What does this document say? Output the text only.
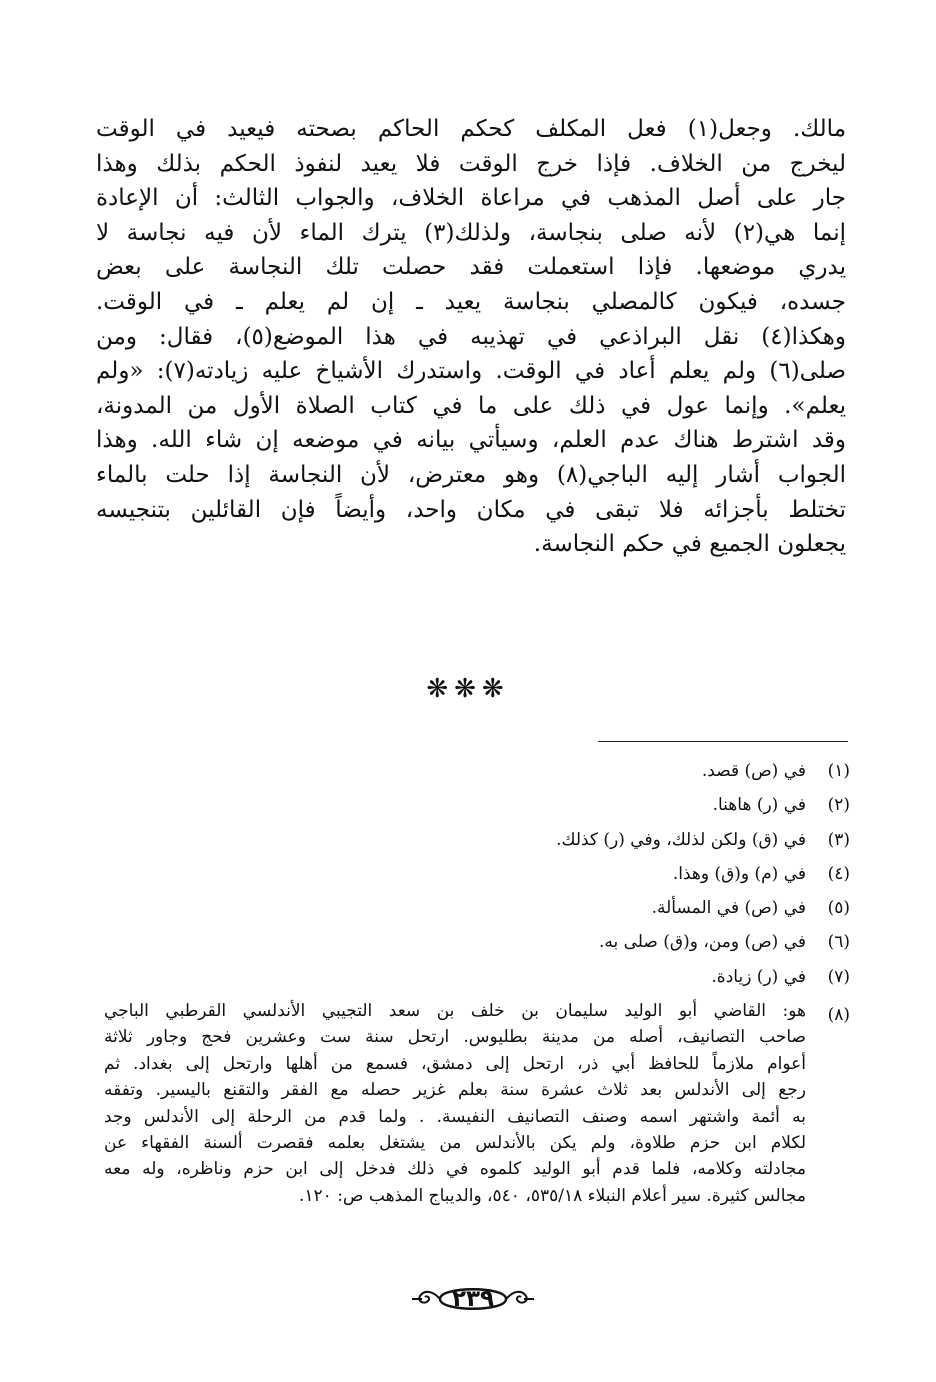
مالك. وجعل(١) فعل المكلف كحكم الحاكم بصحته فيعيد في الوقت
ليخرج من الخلاف. فإذا خرج الوقت فلا يعيد لنفوذ الحكم بذلك وهذا
جار على أصل المذهب في مراعاة الخلاف، والجواب الثالث: أن الإعادة
إنما هي(٢) لأنه صلى بنجاسة، ولذلك(٣) يترك الماء لأن فيه نجاسة لا
يدري موضعها. فإذا استعملت فقد حصلت تلك النجاسة على بعض
جسده، فيكون كالمصلي بنجاسة يعيد ـ إن لم يعلم ـ في الوقت.
وهكذا(٤) نقل البراذعي في تهذيبه في هذا الموضع(٥)، فقال: ومن
صلى(٦) ولم يعلم أعاد في الوقت. واستدرك الأشياخ عليه زيادته(٧): «ولم
يعلم». وإنما عول في ذلك على ما في كتاب الصلاة الأول من المدونة،
وقد اشترط هناك عدم العلم، وسيأتي بيانه في موضعه إن شاء الله. وهذا
الجواب أشار إليه الباجي(٨) وهو معترض، لأن النجاسة إذا حلت بالماء
تختلط بأجزائه فلا تبقى في مكان واحد، وأيضاً فإن القائلين بتنجيسه
يجعلون الجميع في حكم النجاسة.
❋❋❋
(١)
في (ص) قصد.
(٢)
في (ر) هاهنا.
(٣)
في (ق) ولكن لذلك، وفي (ر) كذلك.
(٤)
في (م) و(ق) وهذا.
(٥)
في (ص) في المسألة.
(٦)
في (ص) ومن، و(ق) صلى به.
(٧)
في (ر) زيادة.
(٨)
هو: القاضي أبو الوليد سليمان بن خلف بن سعد التجيبي الأندلسي القرطبي الباجي
صاحب التصانيف، أصله من مدينة بطليوس. ارتحل سنة ست وعشرين فحج وجاور ثلاثة
أعوام ملازماً للحافظ أبي ذر، ارتحل إلى دمشق، فسمع من أهلها وارتحل إلى بغداد. ثم
رجع إلى الأندلس بعد ثلاث عشرة سنة بعلم غزير حصله مع الفقر والتقنع باليسير. وتفقه
به أئمة واشتهر اسمه وصنف التصانيف النفيسة. . ولما قدم من الرحلة إلى الأندلس وجد
لكلام ابن حزم طلاوة، ولم يكن بالأندلس من يشتغل بعلمه فقصرت ألسنة الفقهاء عن
مجادلته وكلامه، فلما قدم أبو الوليد كلموه في ذلك فدخل إلى ابن حزم وناظره، وله معه
مجالس كثيرة. سير أعلام النبلاء ٥٣٥/١٨، ٥٤٠، والديباج المذهب ص: ١٢٠.
٢٣٩
